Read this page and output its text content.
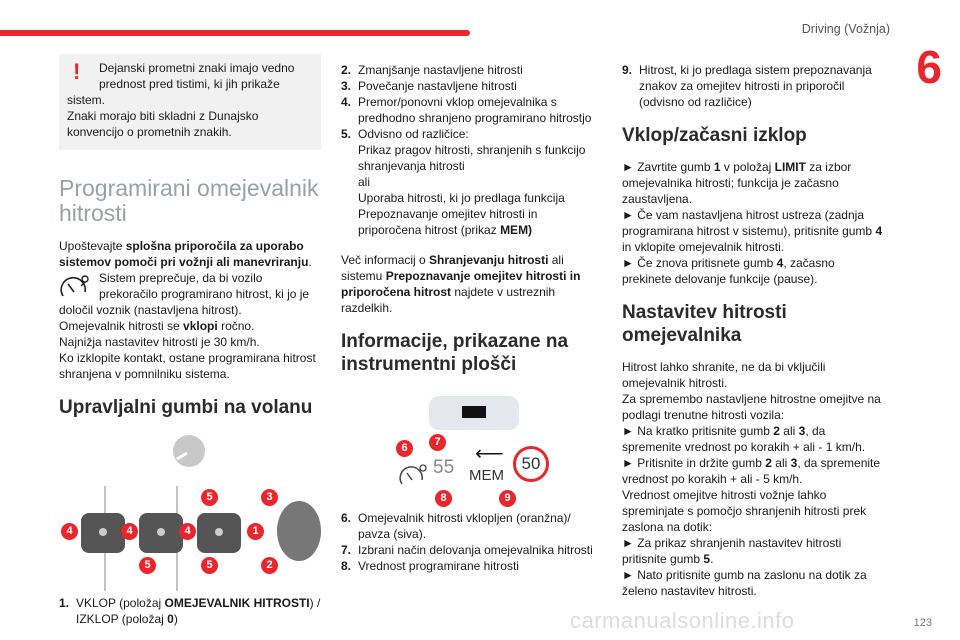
Driving (Vožnja)
6
123
carmanualsonline.info
!	Dejanski prometni znaki imajo vedno prednost pred tistimi, ki jih prikaže

sistem.

Znaki morajo biti skladni z Dunajsko konvencijo o prometnih znakih.

Programirani omejevalnik hitrosti

Upoštevajte splošna priporočila za uporabo sistemov pomoči pri vožnji ali manevriranju.

Sistem preprečuje, da bi vozilo prekoračilo programirano hitrost, ki jo je

določil voznik (nastavljena hitrost).

Omejevalnik hitrosti se vklopi ročno.

Najnižja nastavitev hitrosti je 30 km/h.

Ko izklopite kontakt, ostane programirana hitrost shranjena v pomnilniku sistema.

Upravljalni gumbi na volanu
4	4	4
5
5	3
5
1
2
1. VKLOP (položaj OMEJEVALNIK HITROSTI) / IZKLOP (položaj 0)
2. Zmanjšanje nastavljene hitrosti
3. Povečanje nastavljene hitrosti
4. Premor/ponovni vklop omejevalnika s predhodno shranjeno programirano hitrostjo
5. Odvisno od različice:
Prikaz pragov hitrosti, shranjenih s funkcijo shranjevanja hitrosti
ali
Uporaba hitrosti, ki jo predlaga funkcija Prepoznavanje omejitev hitrosti in priporočena hitrost (prikaz MEM)

Več informacij o Shranjevanju hitrosti ali sistemu Prepoznavanje omejitev hitrosti in priporočena hitrost najdete v ustreznih razdelkih.

Informacije, prikazane na instrumentni plošči
55
⟵
MEM
50
6	7
8	9
6. Omejevalnik hitrosti vklopljen (oranžna)/ pavza (siva).
7. Izbrani način delovanja omejevalnika hitrosti
8. Vrednost programirane hitrosti
9. Hitrost, ki jo predlaga sistem prepoznavanja znakov za omejitev hitrosti in priporočil (odvisno od različice)
Vklop/začasni izklop

► Zavrtite gumb 1 v položaj LIMIT za izbor omejevalnika hitrosti; funkcija je začasno zaustavljena.

► Če vam nastavljena hitrost ustreza (zadnja programirana hitrost v sistemu), pritisnite gumb 4 in vklopite omejevalnik hitrosti.

► Če znova pritisnete gumb 4, začasno prekinete delovanje funkcije (pause).

Nastavitev hitrosti omejevalnika

Hitrost lahko shranite, ne da bi vključili omejevalnik hitrosti.

Za spremembo nastavljene hitrostne omejitve na podlagi trenutne hitrosti vozila:

► Na kratko pritisnite gumb 2 ali 3, da spremenite vrednost po korakih + ali - 1 km/h.

► Pritisnite in držite gumb 2 ali 3, da spremenite vrednost po korakih + ali - 5 km/h.

Vrednost omejitve hitrosti vožnje lahko spreminjate s pomočjo shranjenih hitrosti prek zaslona na dotik:

► Za prikaz shranjenih nastavitev hitrosti pritisnite gumb 5.

► Nato pritisnite gumb na zaslonu na dotik za želeno nastavitev hitrosti.
